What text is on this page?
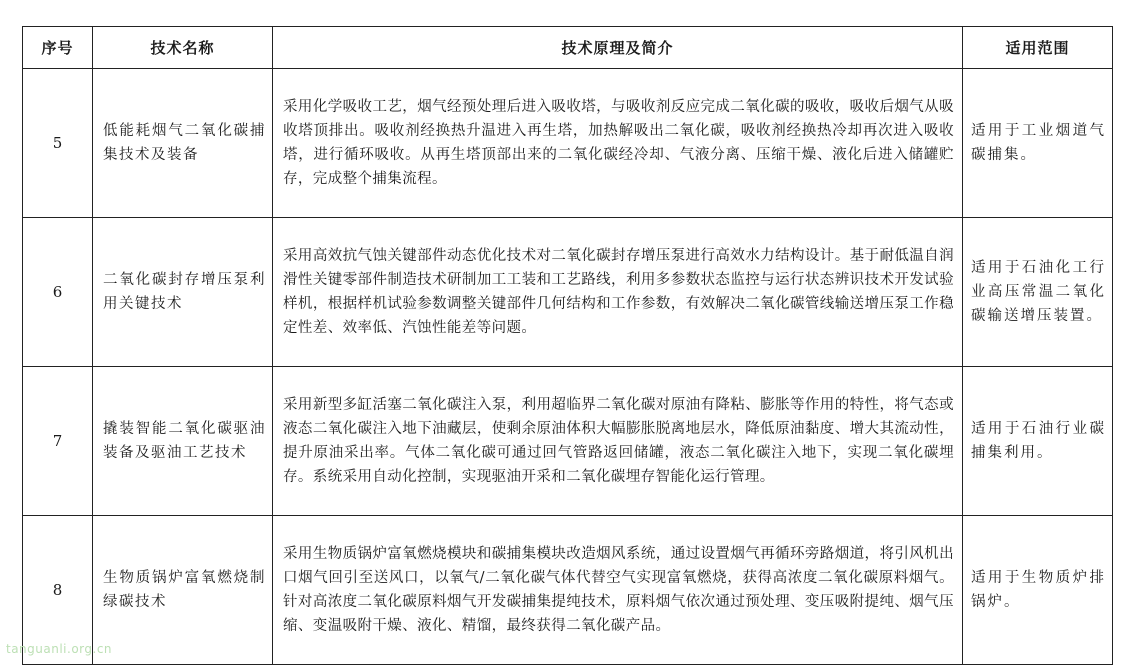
序号	技术名称	技术原理及简介	适用范围
5	低能耗烟气二氧化碳捕集技术及装备	采用化学吸收工艺，烟气经预处理后进入吸收塔，与吸收剂反应完成二氧化碳的吸收，吸收后烟气从吸收塔顶排出。吸收剂经换热升温进入再生塔，加热解吸出二氧化碳，吸收剂经换热冷却再次进入吸收塔，进行循环吸收。从再生塔顶部出来的二氧化碳经冷却、气液分离、压缩干燥、液化后进入储罐贮存，完成整个捕集流程。	适用于工业烟道气碳捕集。
6	二氧化碳封存增压泵利用关键技术	采用高效抗气蚀关键部件动态优化技术对二氧化碳封存增压泵进行高效水力结构设计。基于耐低温自润滑性关键零部件制造技术研制加工工装和工艺路线，利用多参数状态监控与运行状态辨识技术开发试验样机，根据样机试验参数调整关键部件几何结构和工作参数，有效解决二氧化碳管线输送增压泵工作稳定性差、效率低、汽蚀性能差等问题。	适用于石油化工行业高压常温二氧化碳输送增压装置。
7	撬装智能二氧化碳驱油装备及驱油工艺技术	采用新型多缸活塞二氧化碳注入泵，利用超临界二氧化碳对原油有降粘、膨胀等作用的特性，将气态或液态二氧化碳注入地下油藏层，使剩余原油体积大幅膨胀脱离地层水，降低原油黏度、增大其流动性，提升原油采出率。气体二氧化碳可通过回气管路返回储罐，液态二氧化碳注入地下，实现二氧化碳埋存。系统采用自动化控制，实现驱油开采和二氧化碳埋存智能化运行管理。	适用于石油行业碳捕集利用。
8	生物质锅炉富氧燃烧制绿碳技术	采用生物质锅炉富氧燃烧模块和碳捕集模块改造烟风系统，通过设置烟气再循环旁路烟道，将引风机出口烟气回引至送风口，以氧气/二氧化碳气体代替空气实现富氧燃烧，获得高浓度二氧化碳原料烟气。针对高浓度二氧化碳原料烟气开发碳捕集提纯技术，原料烟气依次通过预处理、变压吸附提纯、烟气压缩、变温吸附干燥、液化、精馏，最终获得二氧化碳产品。	适用于生物质炉排锅炉。
tanguanli.org.cn
